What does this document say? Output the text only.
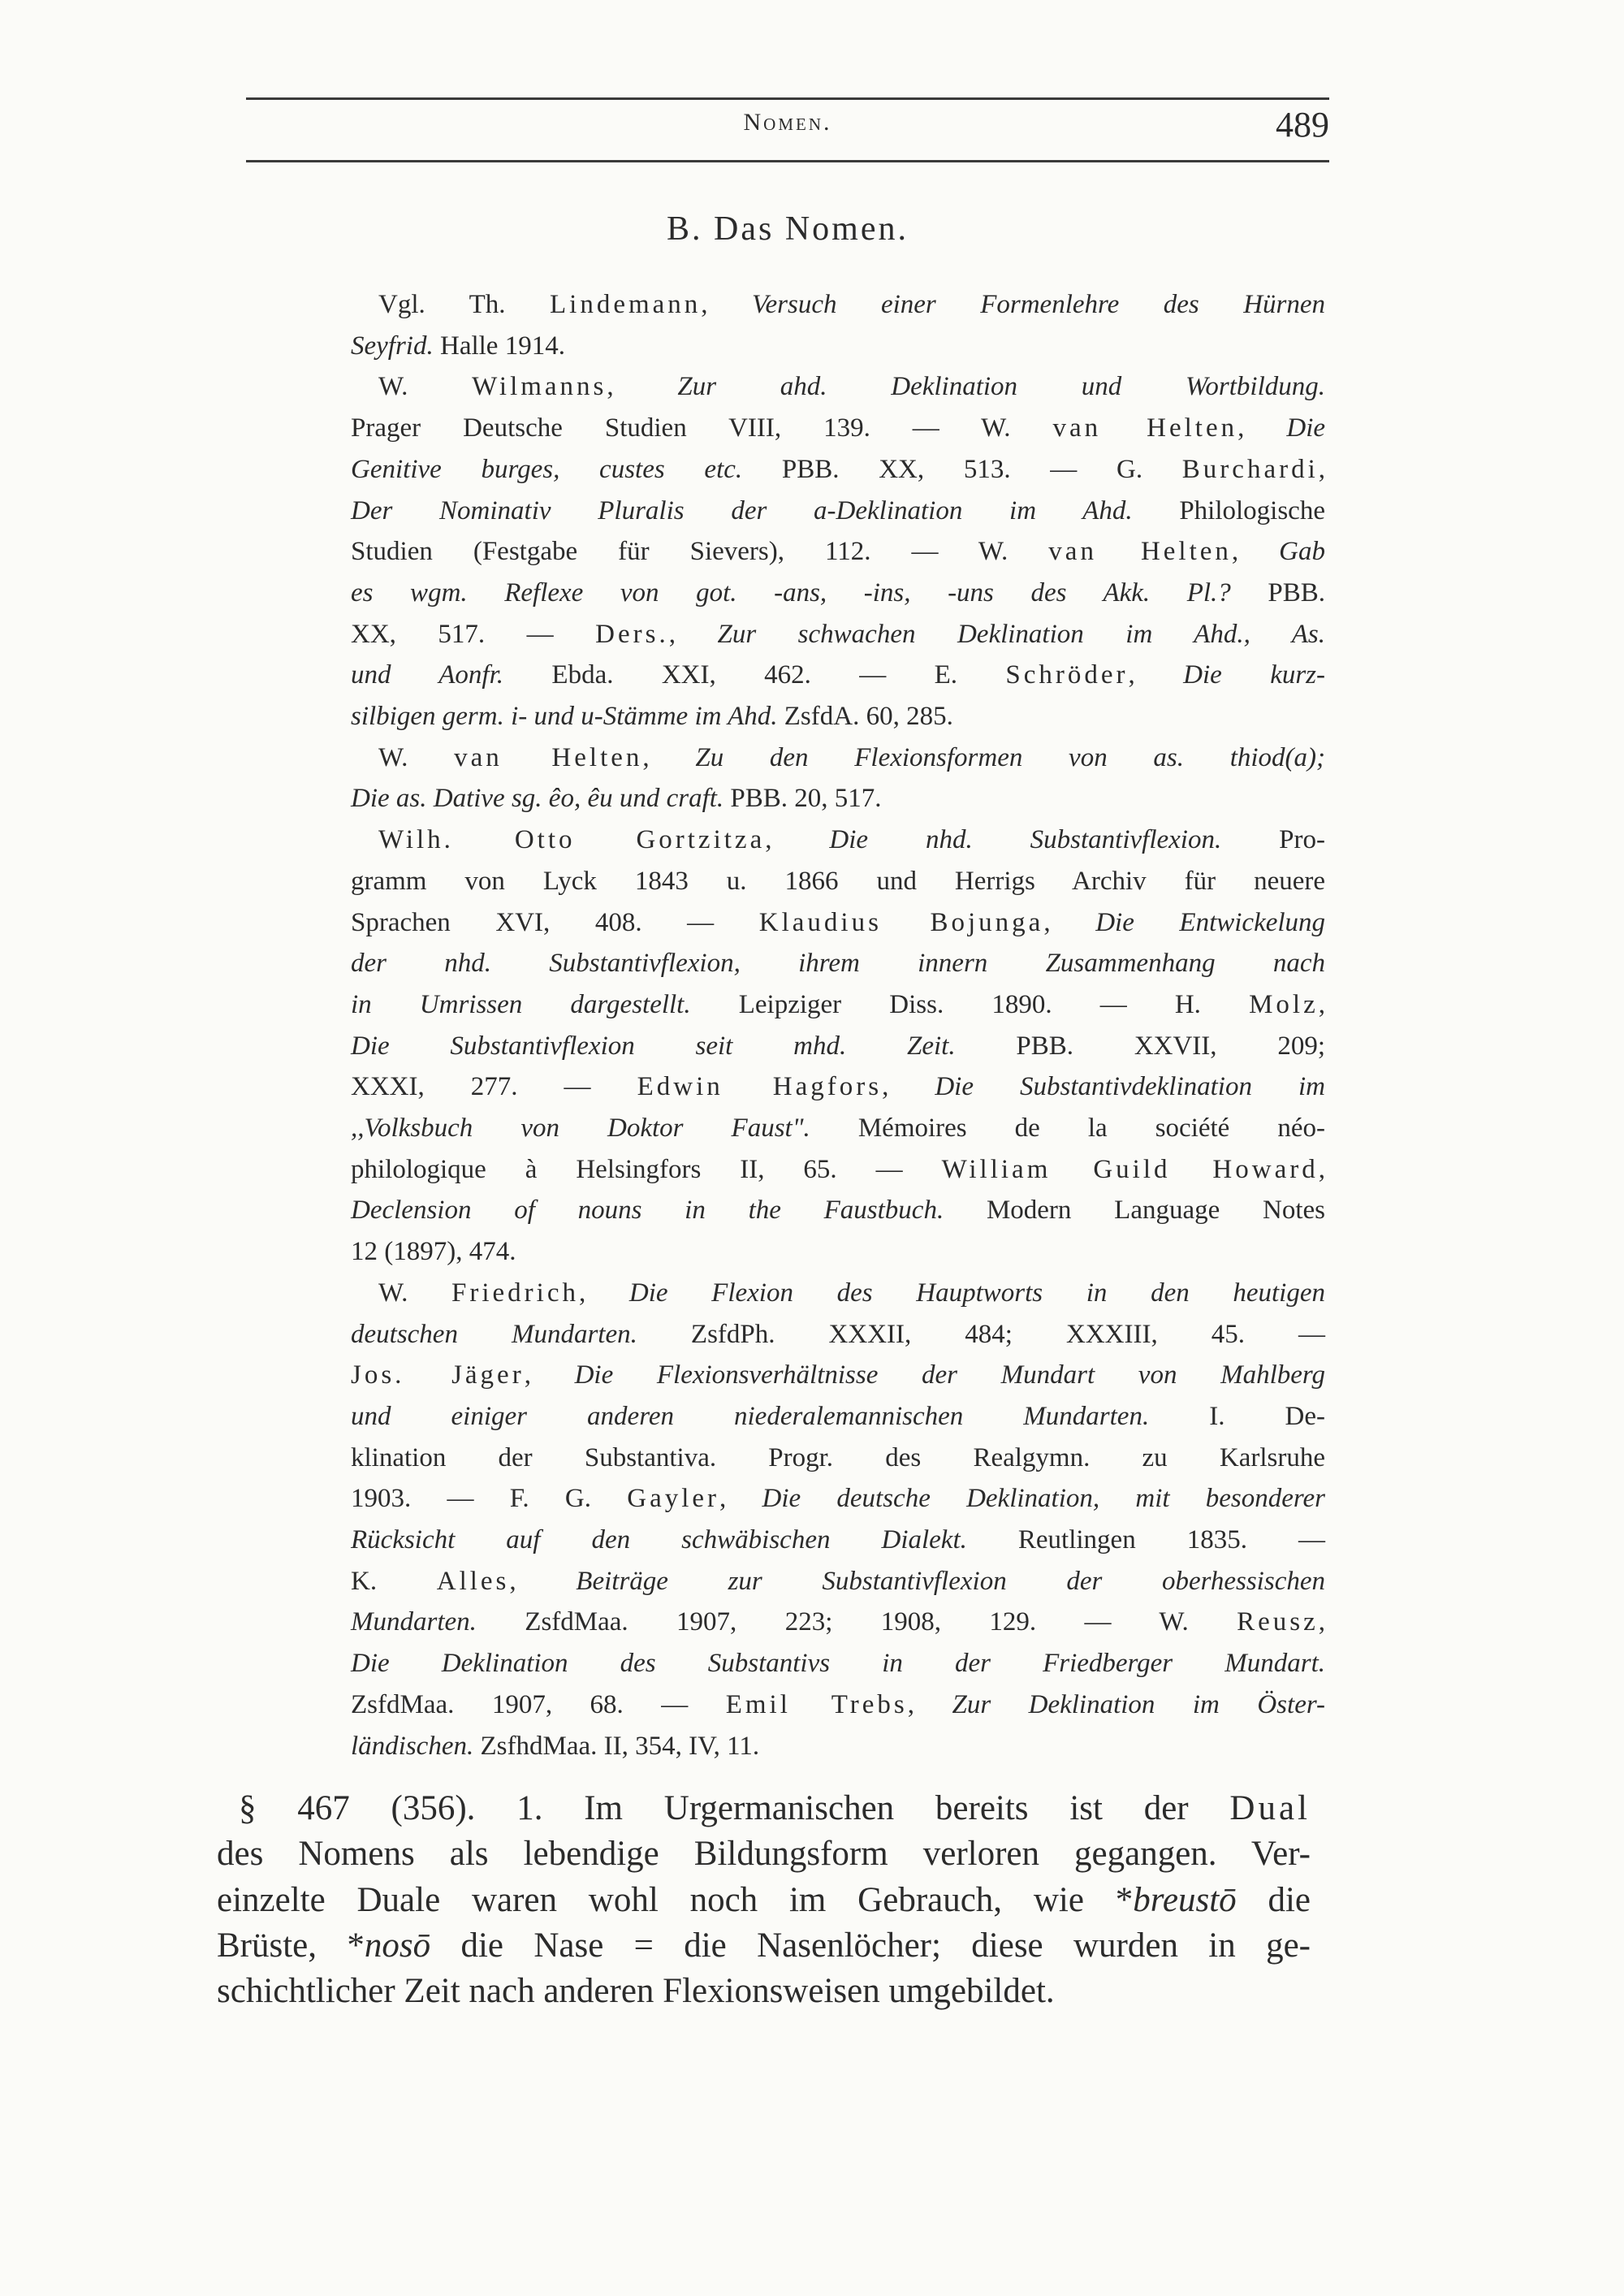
Nomen.	489
B. Das Nomen.
Vgl. Th. Lindemann, Versuch einer Formenlehre des Hürnen
Seyfrid. Halle 1914.
W. Wilmanns, Zur ahd. Deklination und Wortbildung.
Prager Deutsche Studien VIII, 139. — W. van Helten, Die
Genitive burges, custes etc. PBB. XX, 513. — G. Burchardi,
Der Nominativ Pluralis der a-Deklination im Ahd. Philologische
Studien (Festgabe für Sievers), 112. — W. van Helten, Gab
es wgm. Reflexe von got. -ans, -ins, -uns des Akk. Pl.? PBB.
XX, 517. — Ders., Zur schwachen Deklination im Ahd., As.
und Aonfr. Ebda. XXI, 462. — E. Schröder, Die kurz-
silbigen germ. i- und u-Stämme im Ahd. ZsfdA. 60, 285.
W. van Helten, Zu den Flexionsformen von as. thiod(a);
Die as. Dative sg. êo, êu und craft. PBB. 20, 517.
Wilh. Otto Gortzitza, Die nhd. Substantivflexion. Pro-
gramm von Lyck 1843 u. 1866 und Herrigs Archiv für neuere
Sprachen XVI, 408. — Klaudius Bojunga, Die Entwickelung
der nhd. Substantivflexion, ihrem innern Zusammenhang nach
in Umrissen dargestellt. Leipziger Diss. 1890. — H. Molz,
Die Substantivflexion seit mhd. Zeit. PBB. XXVII, 209;
XXXI, 277. — Edwin Hagfors, Die Substantivdeklination im
,,Volksbuch von Doktor Faust". Mémoires de la société néo-
philologique à Helsingfors II, 65. — William Guild Howard,
Declension of nouns in the Faustbuch. Modern Language Notes
12 (1897), 474.
W. Friedrich, Die Flexion des Hauptworts in den heutigen
deutschen Mundarten. ZsfdPh. XXXII, 484; XXXIII, 45. —
Jos. Jäger, Die Flexionsverhältnisse der Mundart von Mahlberg
und einiger anderen niederalemannischen Mundarten. I. De-
klination der Substantiva. Progr. des Realgymn. zu Karlsruhe
1903. — F. G. Gayler, Die deutsche Deklination, mit besonderer
Rücksicht auf den schwäbischen Dialekt. Reutlingen 1835. —
K. Alles, Beiträge zur Substantivflexion der oberhessischen
Mundarten. ZsfdMaa. 1907, 223; 1908, 129. — W. Reusz,
Die Deklination des Substantivs in der Friedberger Mundart.
ZsfdMaa. 1907, 68. — Emil Trebs, Zur Deklination im Öster-
ländischen. ZsfhdMaa. II, 354, IV, 11.
§ 467 (356). 1. Im Urgermanischen bereits ist der Dual
des Nomens als lebendige Bildungsform verloren gegangen. Ver-
einzelte Duale waren wohl noch im Gebrauch, wie *breustō die
Brüste, *nosō die Nase = die Nasenlöcher; diese wurden in ge-
schichtlicher Zeit nach anderen Flexionsweisen umgebildet.
